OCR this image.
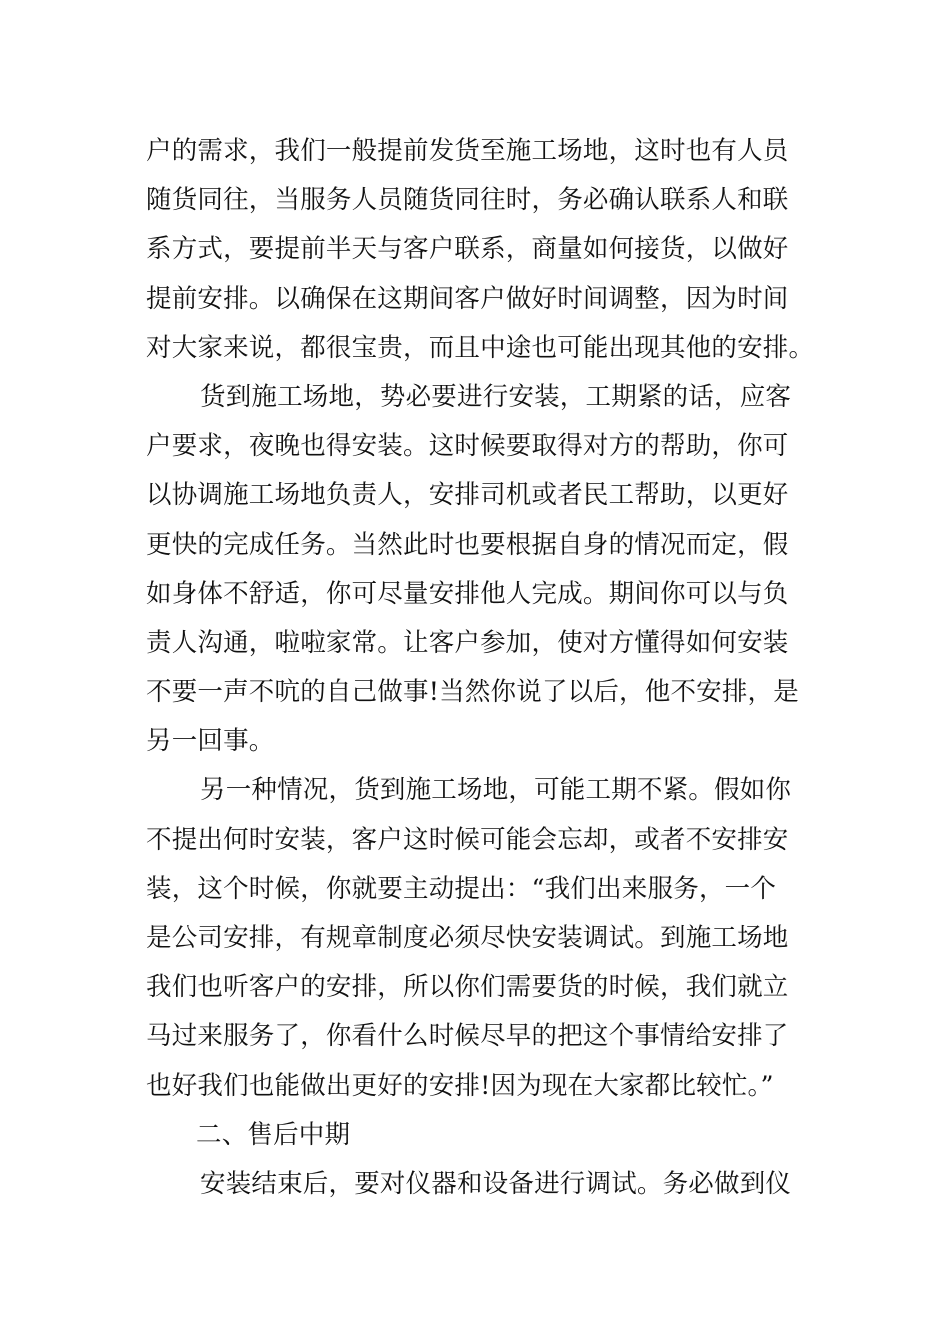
户的需求，我们一般提前发货至施工场地，这时也有人员
随货同往，当服务人员随货同往时，务必确认联系人和联
系方式，要提前半天与客户联系，商量如何接货，以做好
提前安排。以确保在这期间客户做好时间调整，因为时间
对大家来说，都很宝贵，而且中途也可能出现其他的安排。
货到施工场地，势必要进行安装，工期紧的话，应客
户要求，夜晚也得安装。这时候要取得对方的帮助，你可
以协调施工场地负责人，安排司机或者民工帮助，以更好
更快的完成任务。当然此时也要根据自身的情况而定，假
如身体不舒适，你可尽量安排他人完成。期间你可以与负
责人沟通，啦啦家常。让客户参加，使对方懂得如何安装
不要一声不吭的自己做事!当然你说了以后，他不安排，是
另一回事。
另一种情况，货到施工场地，可能工期不紧。假如你
不提出何时安装，客户这时候可能会忘却，或者不安排安
装，这个时候，你就要主动提出：“我们出来服务，一个
是公司安排，有规章制度必须尽快安装调试。到施工场地
我们也听客户的安排，所以你们需要货的时候，我们就立
马过来服务了，你看什么时候尽早的把这个事情给安排了
也好我们也能做出更好的安排!因为现在大家都比较忙。”
二、售后中期
安装结束后，要对仪器和设备进行调试。务必做到仪
